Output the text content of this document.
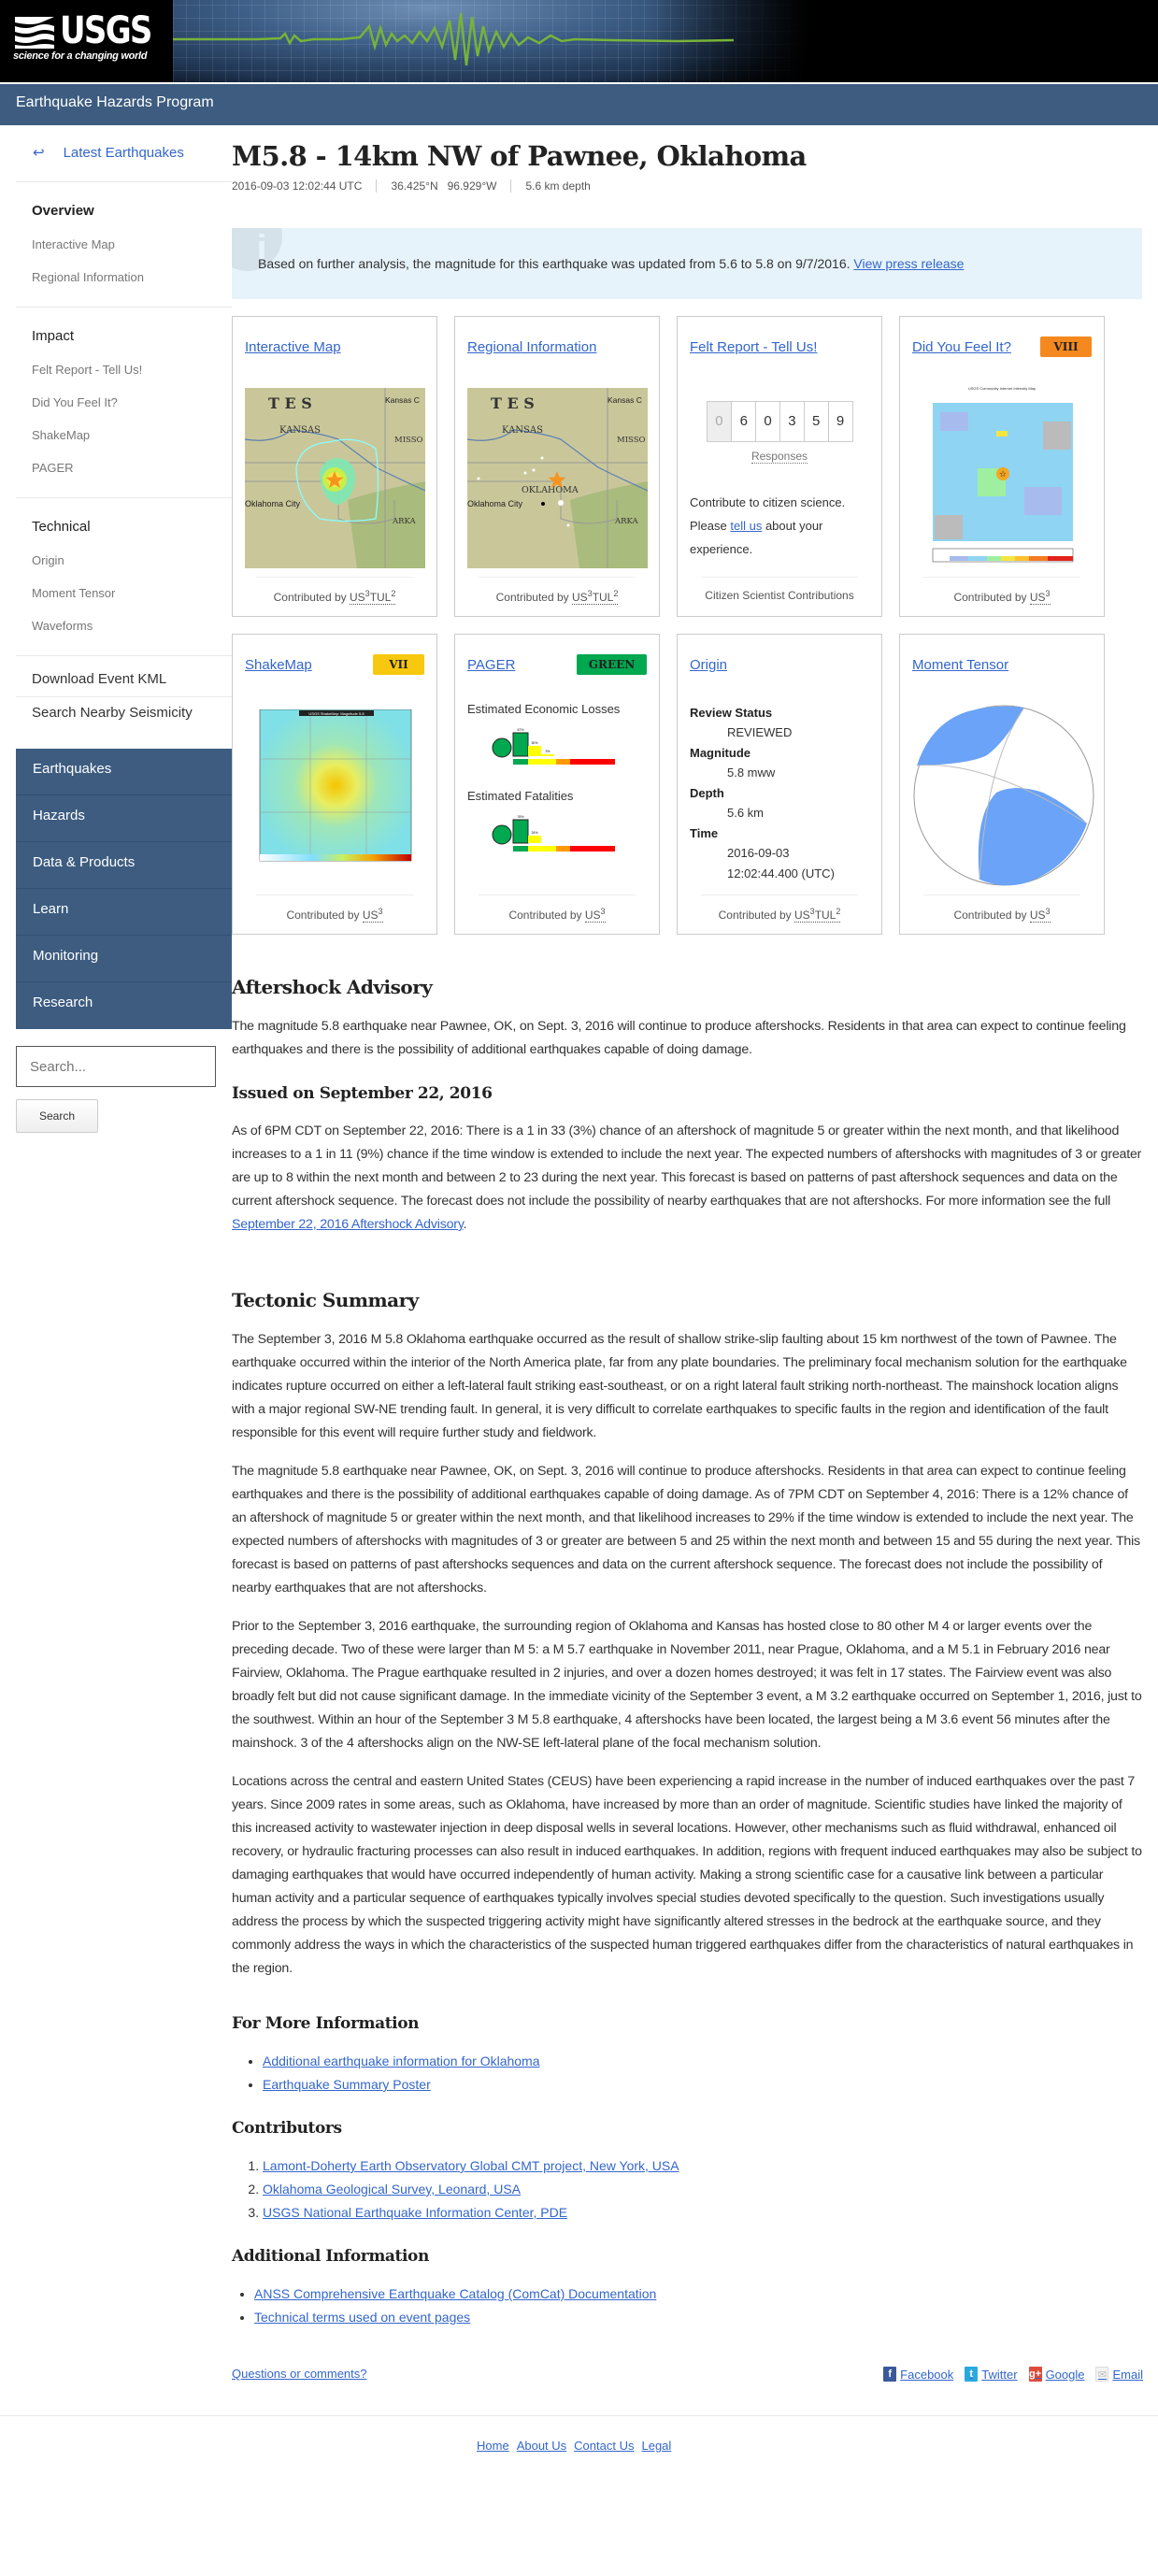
USGS
science for a changing world
Earthquake Hazards Program
↩ Latest Earthquakes
Overview
Interactive Map
Regional Information
Impact
Felt Report - Tell Us!
Did You Feel It?
ShakeMap
PAGER
Technical
Origin
Moment Tensor
Waveforms
Download Event KML
Search Nearby Seismicity
Earthquakes
Hazards
Data & Products
Learn
Monitoring
Research
Search...
Search
M5.8 - 14km NW of Pawnee, Oklahoma
2016-09-03 12:02:44 UTC	36.425°N 96.929°W	5.6 km depth
i
Based on further analysis, the magnitude for this earthquake was updated from 5.6 to 5.8 on 9/7/2016. View press release
Interactive Map
T E S
KANSAS
Kansas C
MISSO
ARKA
Oklahoma City
Contributed by $US^3TUL^2$
Regional Information
T E S
KANSAS
OKLAHOMA
Kansas C
MISSO
ARKA
Oklahoma City
Contributed by $US^3TUL^2$
Felt Report - Tell Us!
0	6	0	3	5	9
Responses
Contribute to citizen science. Please tell us about your experience.
Citizen Scientist Contributions
Did You Feel It?	VIII
USGS Community Internet Intensity Map
☆
Contributed by $US^3$
ShakeMap	VII
USGS ShakeMap: Magnitude 5.8
Contributed by $US^3$
PAGER	GREEN
Estimated Economic Losses
67%
30%
3%
Estimated Fatalities
76%
24%
Contributed by $US^3$
Origin
Review Status
REVIEWED
Magnitude
5.8 mww
Depth
5.6 km
Time
2016-09-03
12:02:44.400 (UTC)
Contributed by $US^3TUL^2$
Moment Tensor
Contributed by $US^3$
Aftershock Advisory

The magnitude 5.8 earthquake near Pawnee, OK, on Sept. 3, 2016 will continue to produce aftershocks. Residents in that area can expect to continue feeling earthquakes and there is the possibility of additional earthquakes capable of doing damage.

Issued on September 22, 2016

As of 6PM CDT on September 22, 2016: There is a 1 in 33 (3%) chance of an aftershock of magnitude 5 or greater within the next month, and that likelihood increases to a 1 in 11 (9%) chance if the time window is extended to include the next year. The expected numbers of aftershocks with magnitudes of 3 or greater are up to 8 within the next month and between 2 to 23 during the next year. This forecast is based on patterns of past aftershock sequences and data on the current aftershock sequence. The forecast does not include the possibility of nearby earthquakes that are not aftershocks. For more information see the full September 22, 2016 Aftershock Advisory.

Tectonic Summary

The September 3, 2016 M 5.8 Oklahoma earthquake occurred as the result of shallow strike-slip faulting about 15 km northwest of the town of Pawnee. The earthquake occurred within the interior of the North America plate, far from any plate boundaries. The preliminary focal mechanism solution for the earthquake indicates rupture occurred on either a left-lateral fault striking east-southeast, or on a right lateral fault striking north-northeast. The mainshock location aligns with a major regional SW-NE trending fault. In general, it is very difficult to correlate earthquakes to specific faults in the region and identification of the fault responsible for this event will require further study and fieldwork.

The magnitude 5.8 earthquake near Pawnee, OK, on Sept. 3, 2016 will continue to produce aftershocks. Residents in that area can expect to continue feeling earthquakes and there is the possibility of additional earthquakes capable of doing damage. As of 7PM CDT on September 4, 2016: There is a 12% chance of an aftershock of magnitude 5 or greater within the next month, and that likelihood increases to 29% if the time window is extended to include the next year. The expected numbers of aftershocks with magnitudes of 3 or greater are between 5 and 25 within the next month and between 15 and 55 during the next year. This forecast is based on patterns of past aftershocks sequences and data on the current aftershock sequence. The forecast does not include the possibility of nearby earthquakes that are not aftershocks.

Prior to the September 3, 2016 earthquake, the surrounding region of Oklahoma and Kansas has hosted close to 80 other M 4 or larger events over the preceding decade. Two of these were larger than M 5: a M 5.7 earthquake in November 2011, near Prague, Oklahoma, and a M 5.1 in February 2016 near Fairview, Oklahoma. The Prague earthquake resulted in 2 injuries, and over a dozen homes destroyed; it was felt in 17 states. The Fairview event was also broadly felt but did not cause significant damage. In the immediate vicinity of the September 3 event, a M 3.2 earthquake occurred on September 1, 2016, just to the southwest. Within an hour of the September 3 M 5.8 earthquake, 4 aftershocks have been located, the largest being a M 3.6 event 56 minutes after the mainshock. 3 of the 4 aftershocks align on the NW-SE left-lateral plane of the focal mechanism solution.

Locations across the central and eastern United States (CEUS) have been experiencing a rapid increase in the number of induced earthquakes over the past 7 years. Since 2009 rates in some areas, such as Oklahoma, have increased by more than an order of magnitude. Scientific studies have linked the majority of this increased activity to wastewater injection in deep disposal wells in several locations. However, other mechanisms such as fluid withdrawal, enhanced oil recovery, or hydraulic fracturing processes can also result in induced earthquakes. In addition, regions with frequent induced earthquakes may also be subject to damaging earthquakes that would have occurred independently of human activity. Making a strong scientific case for a causative link between a particular human activity and a particular sequence of earthquakes typically involves special studies devoted specifically to the question. Such investigations usually address the process by which the suspected triggering activity might have significantly altered stresses in the bedrock at the earthquake source, and they commonly address the ways in which the characteristics of the suspected human triggered earthquakes differ from the characteristics of natural earthquakes in the region.

For More Information
• Additional earthquake information for Oklahoma
• Earthquake Summary Poster
Contributors
1. Lamont-Doherty Earth Observatory Global CMT project, New York, USA
2. Oklahoma Geological Survey, Leonard, USA
3. USGS National Earthquake Information Center, PDE
Additional Information
• ANSS Comprehensive Earthquake Catalog (ComCat) Documentation
• Technical terms used on event pages
Questions or comments?	f Facebook	t Twitter g+ Google ✉ Email
Home About Us Contact Us Legal
